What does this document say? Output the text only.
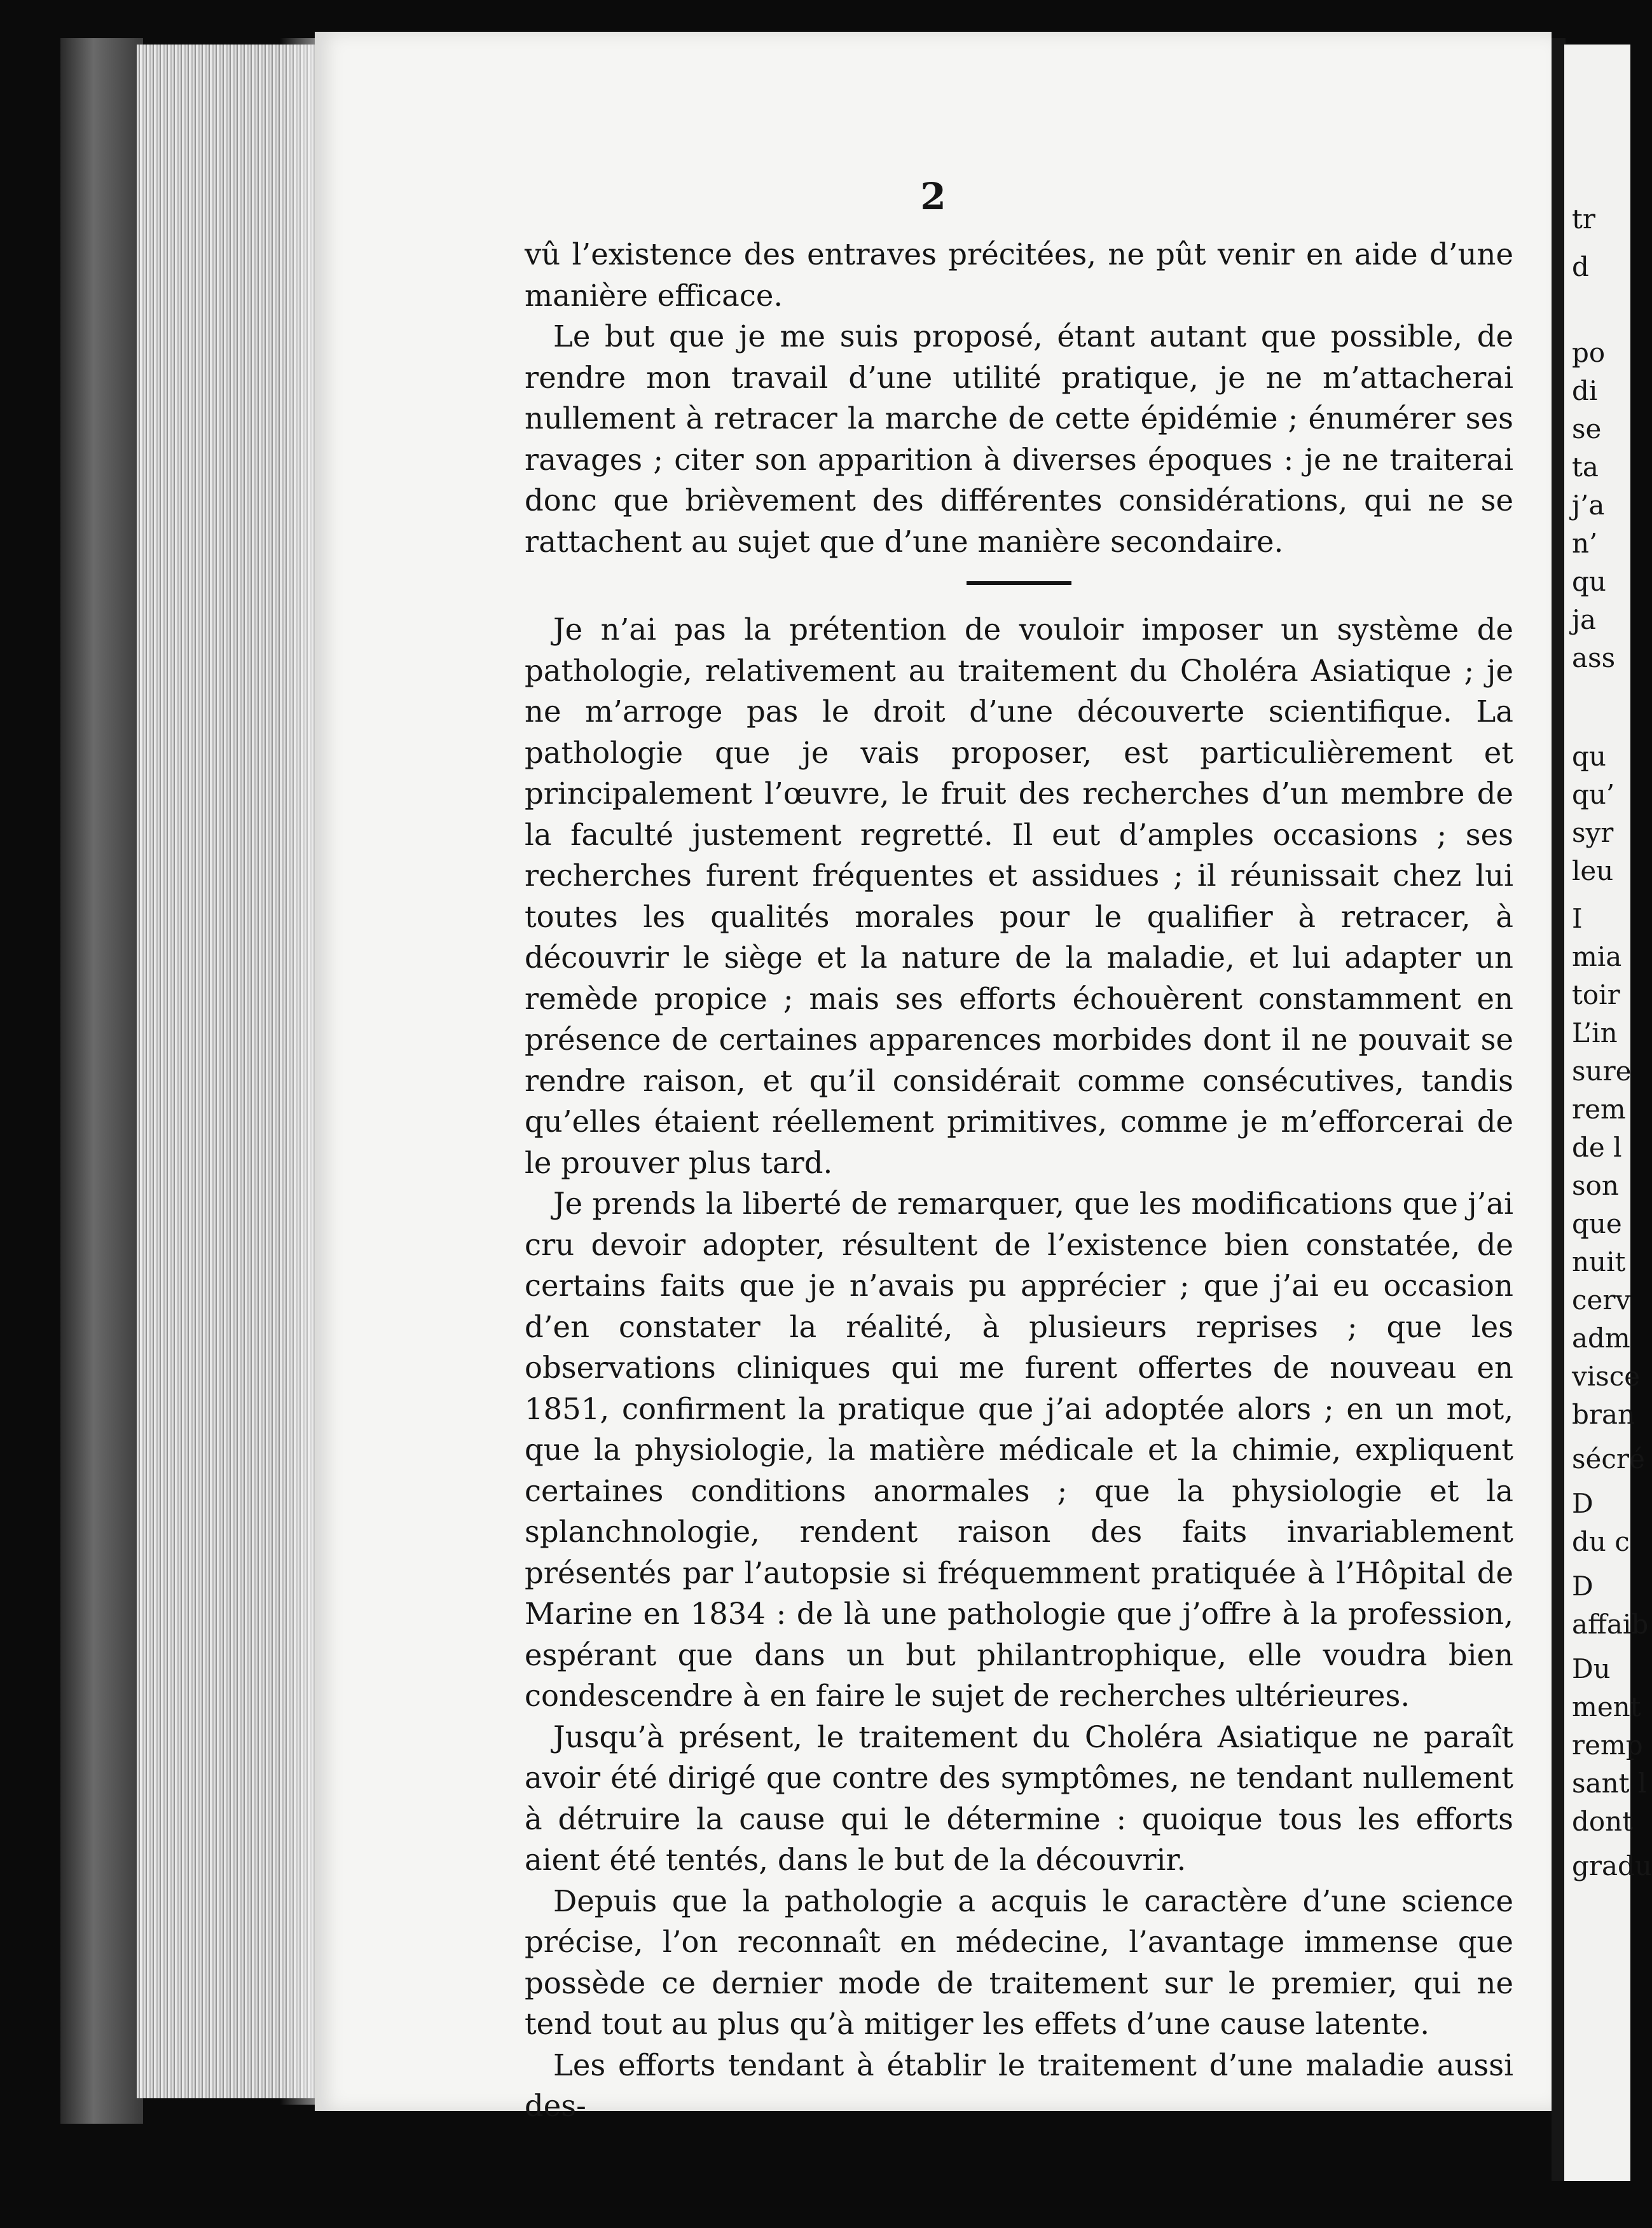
2

vû l’existence des entraves précitées, ne pût venir en aide d’une manière efficace.

Le but que je me suis proposé, étant autant que possible, de rendre mon travail d’une utilité pratique, je ne m’attacherai nullement à retracer la marche de cette épidémie ; énumérer ses ravages ; citer son apparition à diverses époques : je ne traiterai donc que brièvement des différentes considérations, qui ne se rattachent au sujet que d’une manière secondaire.

Je n’ai pas la prétention de vouloir imposer un système de pathologie, relativement au traitement du Choléra Asiatique ; je ne m’arroge pas le droit d’une découverte scientifique. La pathologie que je vais proposer, est particulièrement et principalement l’œuvre, le fruit des recherches d’un membre de la faculté justement regretté. Il eut d’amples occasions ; ses recherches furent fréquentes et assidues ; il réunissait chez lui toutes les qualités morales pour le qualifier à retracer, à découvrir le siège et la nature de la maladie, et lui adapter un remède propice ; mais ses efforts échouèrent constamment en présence de certaines apparences morbides dont il ne pouvait se rendre raison, et qu’il considérait comme consécutives, tandis qu’elles étaient réellement primitives, comme je m’efforcerai de le prouver plus tard.

Je prends la liberté de remarquer, que les modifications que j’ai cru devoir adopter, résultent de l’existence bien constatée, de certains faits que je n’avais pu apprécier ; que j’ai eu occasion d’en constater la réalité, à plusieurs reprises ; que les observations cliniques qui me furent offertes de nouveau en 1851, confirment la pratique que j’ai adoptée alors ; en un mot, que la physiologie, la matière médicale et la chimie, expliquent certaines conditions anormales ; que la physiologie et la splanchnologie, rendent raison des faits invariablement présentés par l’autopsie si fréquemment pratiquée à l’Hôpital de Marine en 1834 : de là une pathologie que j’offre à la profession, espérant que dans un but philantrophique, elle voudra bien condescendre à en faire le sujet de recherches ultérieures.

Jusqu’à présent, le traitement du Choléra Asiatique ne paraît avoir été dirigé que contre des symptômes, ne tendant nullement à détruire la cause qui le détermine : quoique tous les efforts aient été tentés, dans le but de la découvrir.

Depuis que la pathologie a acquis le caractère d’une science précise, l’on reconnaît en médecine, l’avantage immense que possède ce dernier mode de traitement sur le premier, qui ne tend tout au plus qu’à mitiger les effets d’une cause latente.

Les efforts tendant à établir le traitement d’une maladie aussi des-

tr
d
po
di
se
ta
j’a
n’
qu
ja
ass
qu
qu’
syr
leu
I
mia
toir
L’in
sure
rem
de l
son
que
nuit
cerv
adm
visce
bran
sécré
D
du c
D
affaib
Du
ment
remp
sant l
dont
gradu
